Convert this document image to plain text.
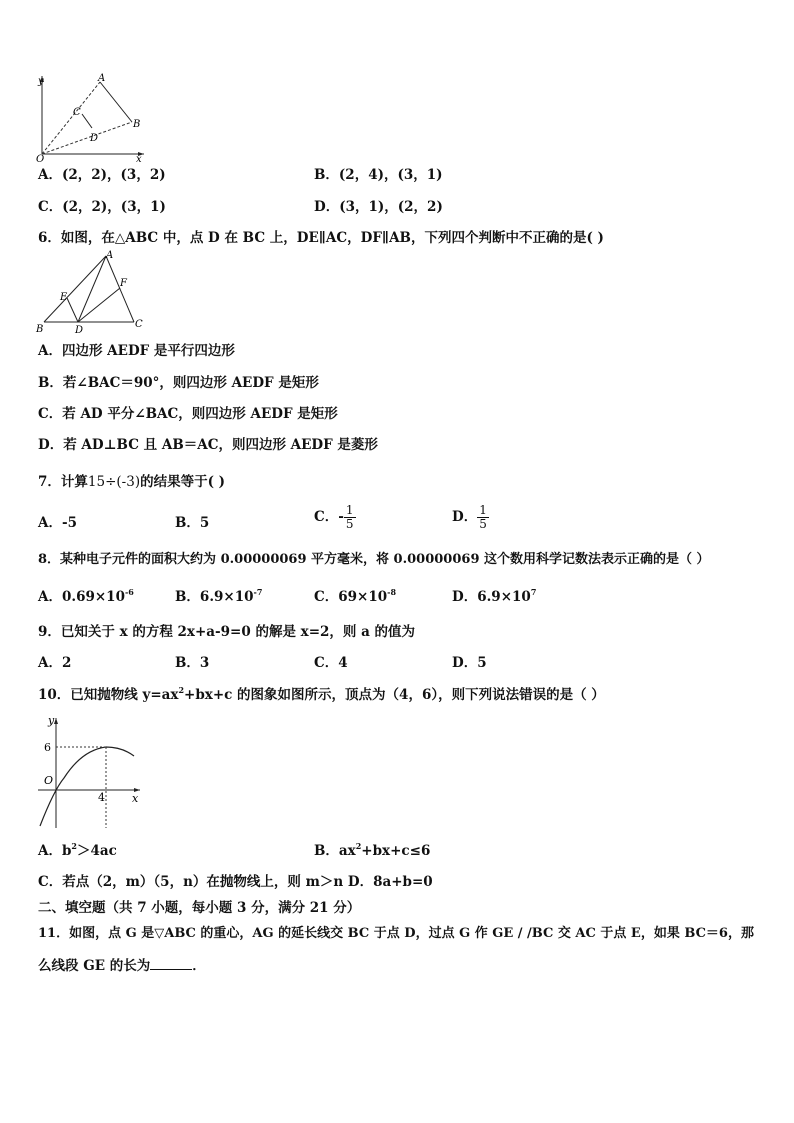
y
x
O
A
B
C
D
A．(2，2)，(3，2)	B．(2，4)，(3，1)
C．(2，2)，(3，1)	D．(3，1)，(2，2)
6．如图，在△ABC 中，点 D 在 BC 上，DE∥AC，DF∥AB，下列四个判断中不正确的是( )
A
B	C
D
E
F
A．四边形 AEDF 是平行四边形
B．若∠BAC＝90°，则四边形 AEDF 是矩形
C．若 AD 平分∠BAC，则四边形 AEDF 是矩形
D．若 AD⊥BC 且 AB＝AC，则四边形 AEDF 是菱形
7．计算15÷(-3)的结果等于( )
A．-5	B．5	C．- $\frac{1}{5}$	D． $\frac{1}{5}$
8．某种电子元件的面积大约为 0.00000069 平方毫米，将 0.00000069 这个数用科学记数法表示正确的是（ ）
A．$0.69\times 10^{-6}$	B．$6.9\times 10^{-7}$	C．$69\times 10^{-8}$	D．$6.9\times 10^7$
9．已知关于 x 的方程 2x+a-9=0 的解是 x=2，则 a 的值为
A．2	B．3	C．4	D．5
10．已知抛物线 $y=ax^2+bx+c$ 的图象如图所示，顶点为（4，6），则下列说法错误的是（ ）
y
x
O
6
4
A．$b^2>4ac$	B．$ax^2+bx+c\le 6$
C．若点（2，m）（5，n）在抛物线上，则 m＞n D．8a+b=0
二、填空题（共 7 小题，每小题 3 分，满分 21 分）
11．如图，点 G 是▽ABC 的重心，AG 的延长线交 BC 于点 D，过点 G 作 GE / /BC 交 AC 于点 E，如果 BC＝6，那
么线段 GE 的长为	．
